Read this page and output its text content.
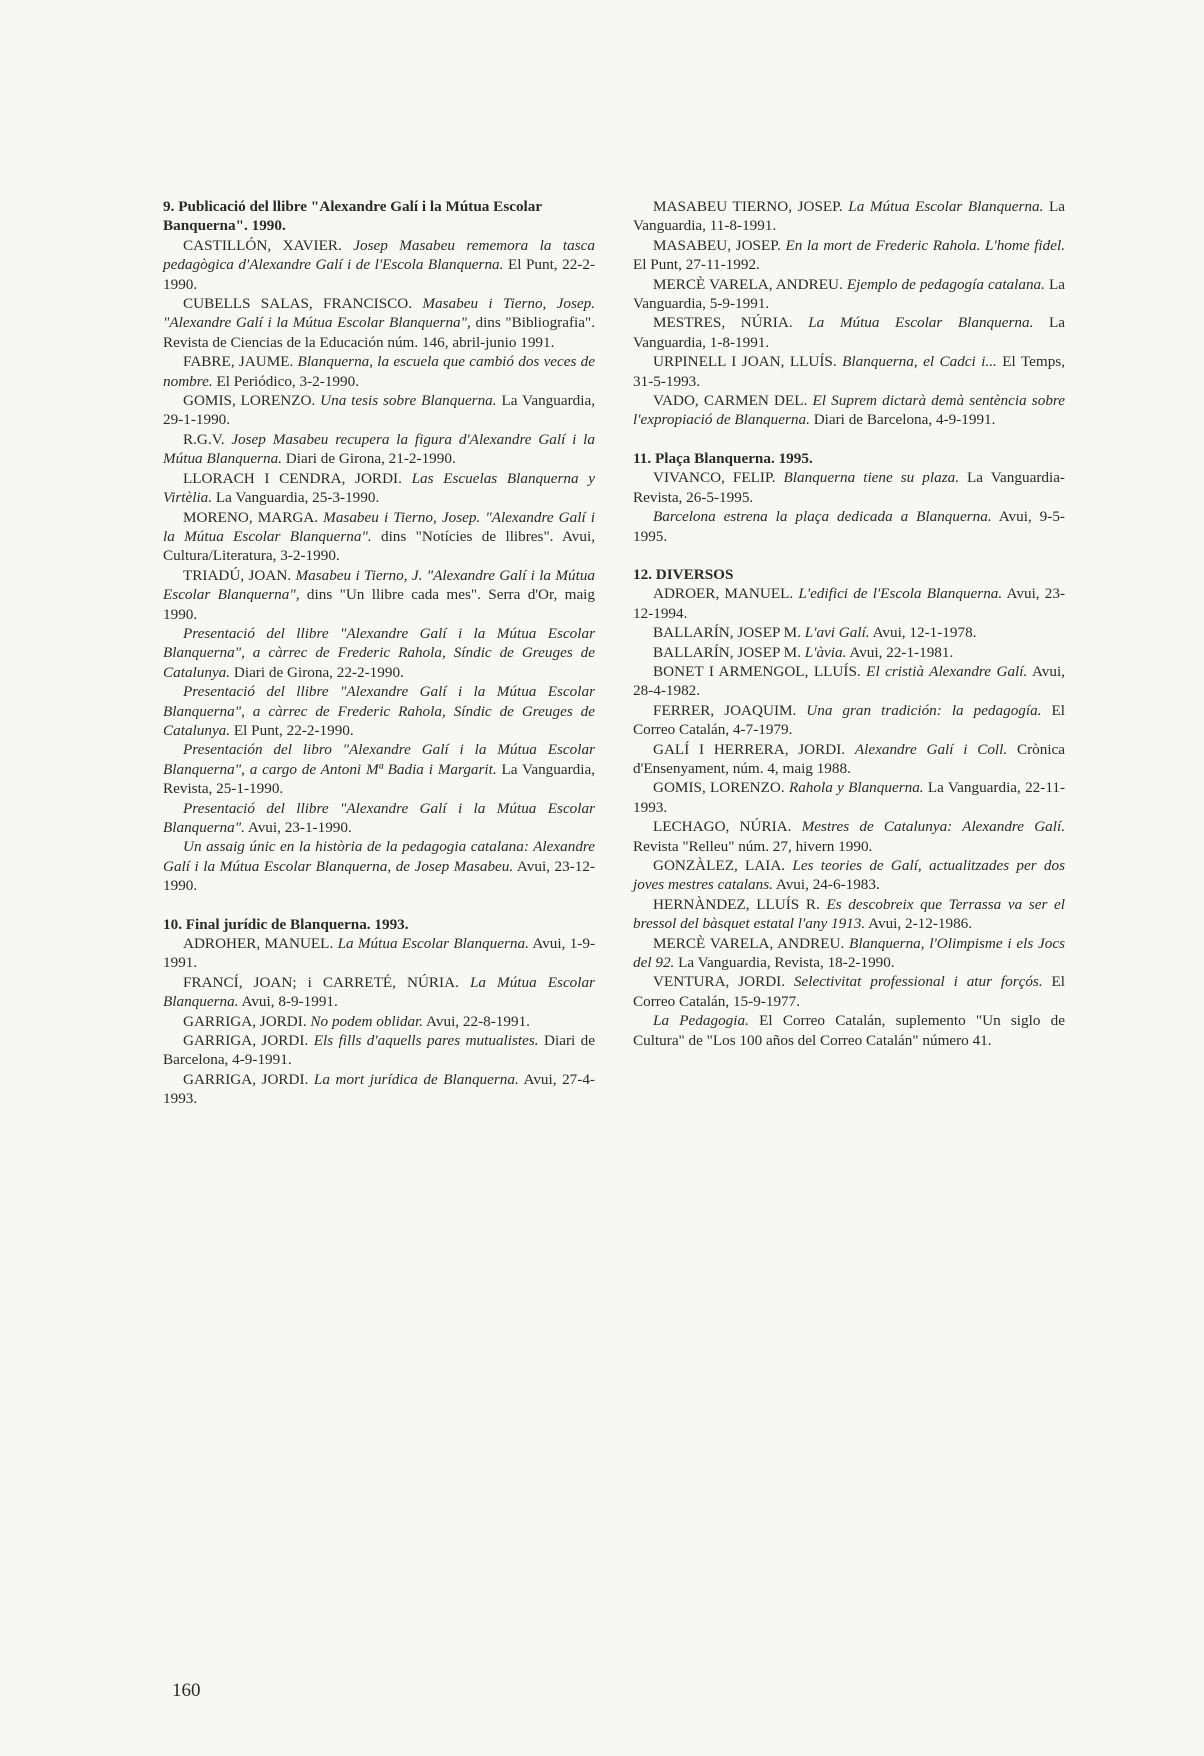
9. Publicació del llibre "Alexandre Galí i la Mútua Escolar Banquerna". 1990.
CASTILLÓN, XAVIER. Josep Masabeu rememora la tasca pedagògica d'Alexandre Galí i de l'Escola Blanquerna. El Punt, 22-2-1990.
CUBELLS SALAS, FRANCISCO. Masabeu i Tierno, Josep. "Alexandre Galí i la Mútua Escolar Blanquerna", dins "Bibliografia". Revista de Ciencias de la Educación núm. 146, abril-junio 1991.
FABRE, JAUME. Blanquerna, la escuela que cambió dos veces de nombre. El Periódico, 3-2-1990.
GOMIS, LORENZO. Una tesis sobre Blanquerna. La Vanguardia, 29-1-1990.
R.G.V. Josep Masabeu recupera la figura d'Alexandre Galí i la Mútua Blanquerna. Diari de Girona, 21-2-1990.
LLORACH I CENDRA, JORDI. Las Escuelas Blanquerna y Virtèlia. La Vanguardia, 25-3-1990.
MORENO, MARGA. Masabeu i Tierno, Josep. "Alexandre Galí i la Mútua Escolar Blanquerna". dins "Notícies de llibres". Avui, Cultura/Literatura, 3-2-1990.
TRIADÚ, JOAN. Masabeu i Tierno, J. "Alexandre Galí i la Mútua Escolar Blanquerna", dins "Un llibre cada mes". Serra d'Or, maig 1990.
Presentació del llibre "Alexandre Galí i la Mútua Escolar Blanquerna", a càrrec de Frederic Rahola, Síndic de Greuges de Catalunya. Diari de Girona, 22-2-1990.
Presentació del llibre "Alexandre Galí i la Mútua Escolar Blanquerna", a càrrec de Frederic Rahola, Síndic de Greuges de Catalunya. El Punt, 22-2-1990.
Presentación del libro "Alexandre Galí i la Mútua Escolar Blanquerna", a cargo de Antoni Mª Badia i Margarit. La Vanguardia, Revista, 25-1-1990.
Presentació del llibre "Alexandre Galí i la Mútua Escolar Blanquerna". Avui, 23-1-1990.
Un assaig únic en la història de la pedagogia catalana: Alexandre Galí i la Mútua Escolar Blanquerna, de Josep Masabeu. Avui, 23-12-1990.
10. Final jurídic de Blanquerna. 1993.
ADROHER, MANUEL. La Mútua Escolar Blanquerna. Avui, 1-9-1991.
FRANCÍ, JOAN; i CARRETÉ, NÚRIA. La Mútua Escolar Blanquerna. Avui, 8-9-1991.
GARRIGA, JORDI. No podem oblidar. Avui, 22-8-1991.
GARRIGA, JORDI. Els fills d'aquells pares mutualistes. Diari de Barcelona, 4-9-1991.
GARRIGA, JORDI. La mort jurídica de Blanquerna. Avui, 27-4-1993.
MASABEU TIERNO, JOSEP. La Mútua Escolar Blanquerna. La Vanguardia, 11-8-1991.
MASABEU, JOSEP. En la mort de Frederic Rahola. L'home fidel. El Punt, 27-11-1992.
MERCÈ VARELA, ANDREU. Ejemplo de pedagogía catalana. La Vanguardia, 5-9-1991.
MESTRES, NÚRIA. La Mútua Escolar Blanquerna. La Vanguardia, 1-8-1991.
URPINELL I JOAN, LLUÍS. Blanquerna, el Cadci i... El Temps, 31-5-1993.
VADO, CARMEN DEL. El Suprem dictarà demà sentència sobre l'expropiació de Blanquerna. Diari de Barcelona, 4-9-1991.
11. Plaça Blanquerna. 1995.
VIVANCO, FELIP. Blanquerna tiene su plaza. La Vanguardia-Revista, 26-5-1995.
Barcelona estrena la plaça dedicada a Blanquerna. Avui, 9-5-1995.
12. DIVERSOS
ADROER, MANUEL. L'edifici de l'Escola Blanquerna. Avui, 23-12-1994.
BALLARÍN, JOSEP M. L'avi Galí. Avui, 12-1-1978.
BALLARÍN, JOSEP M. L'àvia. Avui, 22-1-1981.
BONET I ARMENGOL, LLUÍS. El cristià Alexandre Galí. Avui, 28-4-1982.
FERRER, JOAQUIM. Una gran tradición: la pedagogía. El Correo Catalán, 4-7-1979.
GALÍ I HERRERA, JORDI. Alexandre Galí i Coll. Crònica d'Ensenyament, núm. 4, maig 1988.
GOMIS, LORENZO. Rahola y Blanquerna. La Vanguardia, 22-11-1993.
LECHAGO, NÚRIA. Mestres de Catalunya: Alexandre Galí. Revista "Relleu" núm. 27, hivern 1990.
GONZÀLEZ, LAIA. Les teories de Galí, actualitzades per dos joves mestres catalans. Avui, 24-6-1983.
HERNÀNDEZ, LLUÍS R. Es descobreix que Terrassa va ser el bressol del bàsquet estatal l'any 1913. Avui, 2-12-1986.
MERCÈ VARELA, ANDREU. Blanquerna, l'Olimpisme i els Jocs del 92. La Vanguardia, Revista, 18-2-1990.
VENTURA, JORDI. Selectivitat professional i atur forçós. El Correo Catalán, 15-9-1977.
La Pedagogia. El Correo Catalán, suplemento "Un siglo de Cultura" de "Los 100 años del Correo Catalán" número 41.
160
